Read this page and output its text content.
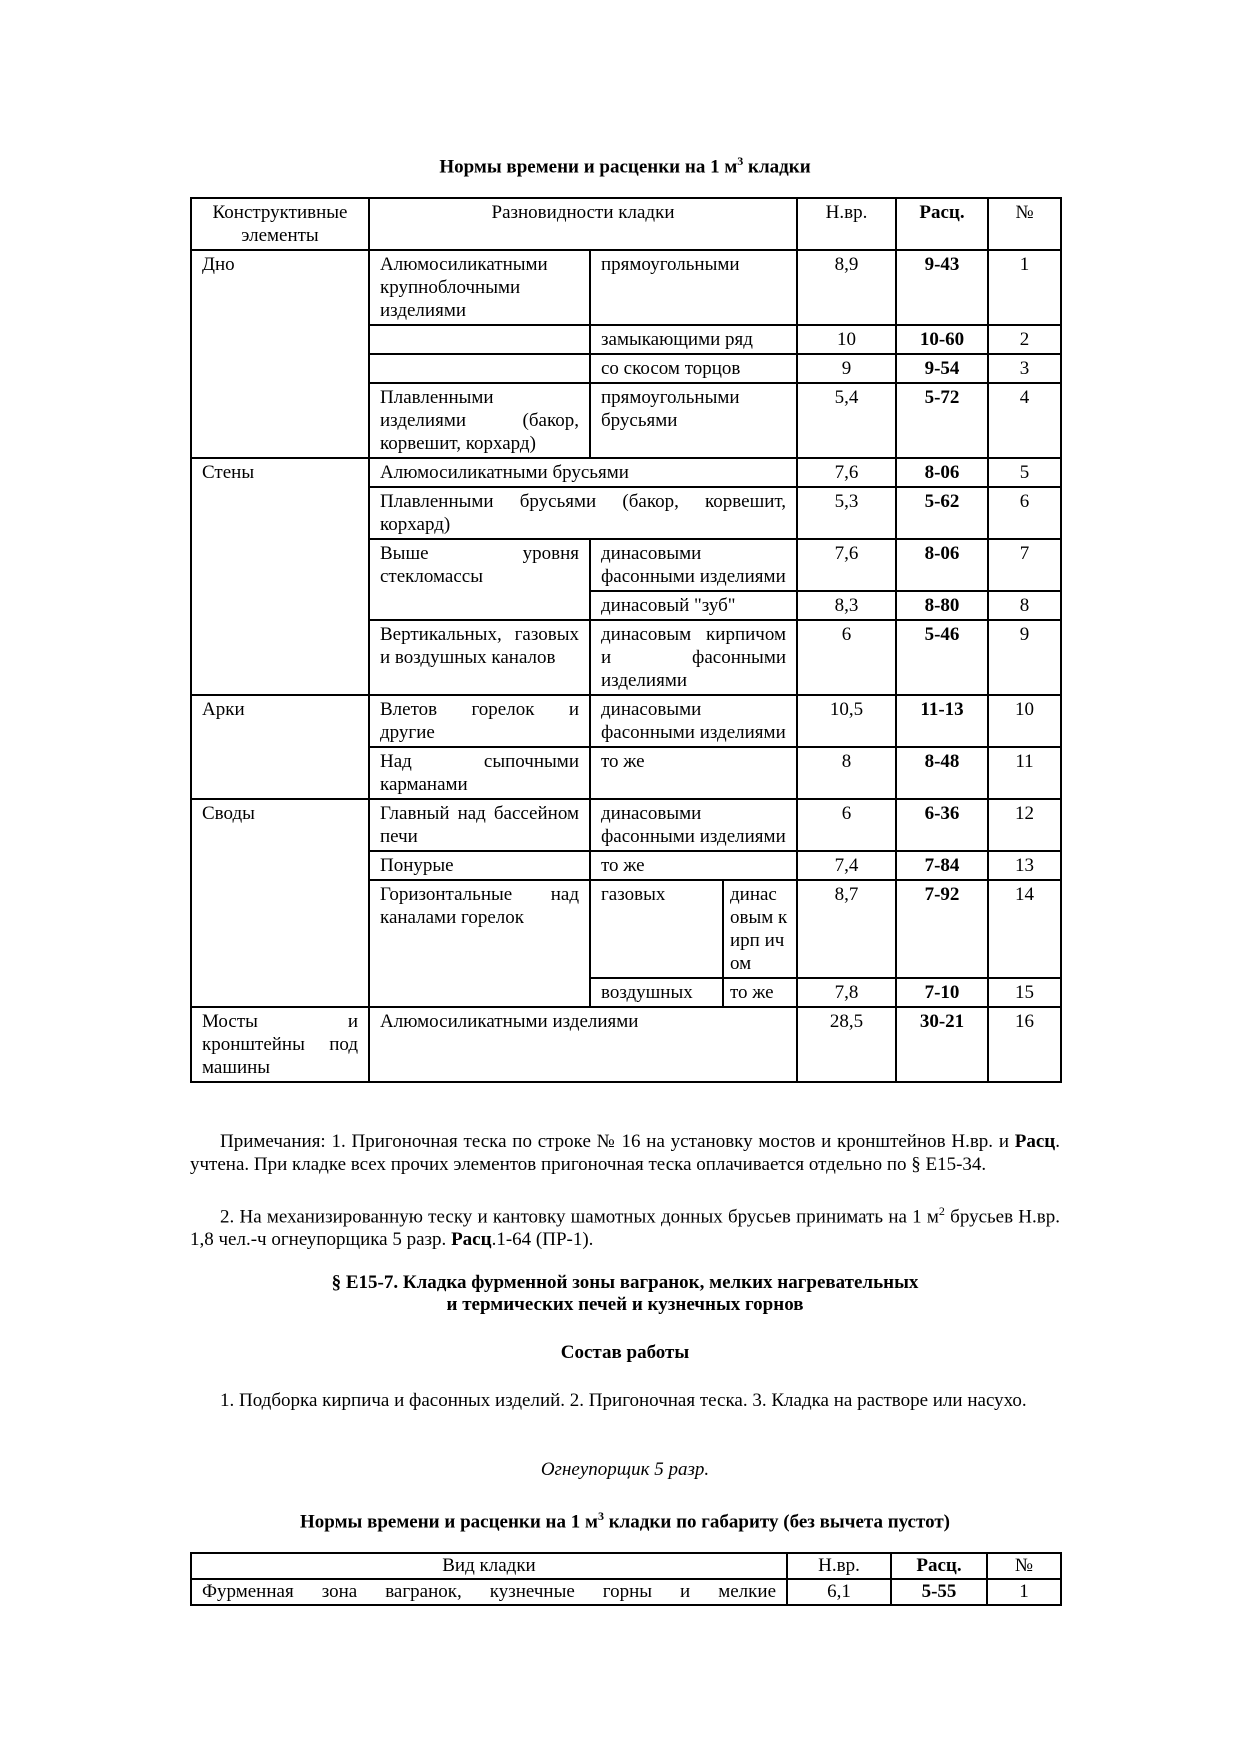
Нормы времени и расценки на 1 $м^3$ кладки
Конструктивные элементы	Разновидности кладки			Н.вр.	Расц.	№
Дно	Алюмосиликатными крупноблочными изделиями	прямоугольными		8,9	9-43	1
		замыкающими ряд		10	10-60	2
		со скосом торцов		9	9-54	3
	Плавленными изделиями (бакор, корвешит, корхард)	прямоугольными брусьями		5,4	5-72	4
Стены	Алюмосиликатными брусьями			7,6	8-06	5
	Плавленными брусьями (бакор, корвешит, корхард)			5,3	5-62	6
	Выше уровня стекломассы	динасовыми фасонными изделиями		7,6	8-06	7
		динасовый "зуб"		8,3	8-80	8
	Вертикальных, газовых и воздушных каналов	динасовым кирпичом и фасонными изделиями		6	5-46	9
Арки	Влетов горелок и другие	динасовыми фасонными изделиями		10,5	11-13	10
	Над сыпочными карманами	то же		8	8-48	11
Своды	Главный над бассейном печи	динасовыми фасонными изделиями		6	6-36	12
	Понурые	то же		7,4	7-84	13
	Горизонтальные над каналами горелок	газовых	динас овым кирп ичом	8,7	7-92	14
		воздушных	то же	7,8	7-10	15
Мосты и кронштейны под машины	Алюмосиликатными изделиями			28,5	30-21	16
Примечания: 1. Пригоночная теска по строке № 16 на установку мостов и кронштейнов Н.вр. и Расц. учтена. При кладке всех прочих элементов пригоночная теска оплачивается отдельно по § Е15-34.
2. На механизированную теску и кантовку шамотных донных брусьев принимать на 1 $м^2$ брусьев Н.вр. 1,8 чел.-ч огнеупорщика 5 разр. Расц.1-64 (ПР-1).
§ Е15-7. Кладка фурменной зоны вагранок, мелких нагревательных
и термических печей и кузнечных горнов
Состав работы
1. Подборка кирпича и фасонных изделий. 2. Пригоночная теска. 3. Кладка на растворе или насухо.
Огнеупорщик 5 разр.
Нормы времени и расценки на 1 $м^3$ кладки по габариту (без вычета пустот)
Вид кладки	Н.вр.	Расц.	№
Фурменная зона вагранок, кузнечные горны и мелкие	6,1	5-55	1
